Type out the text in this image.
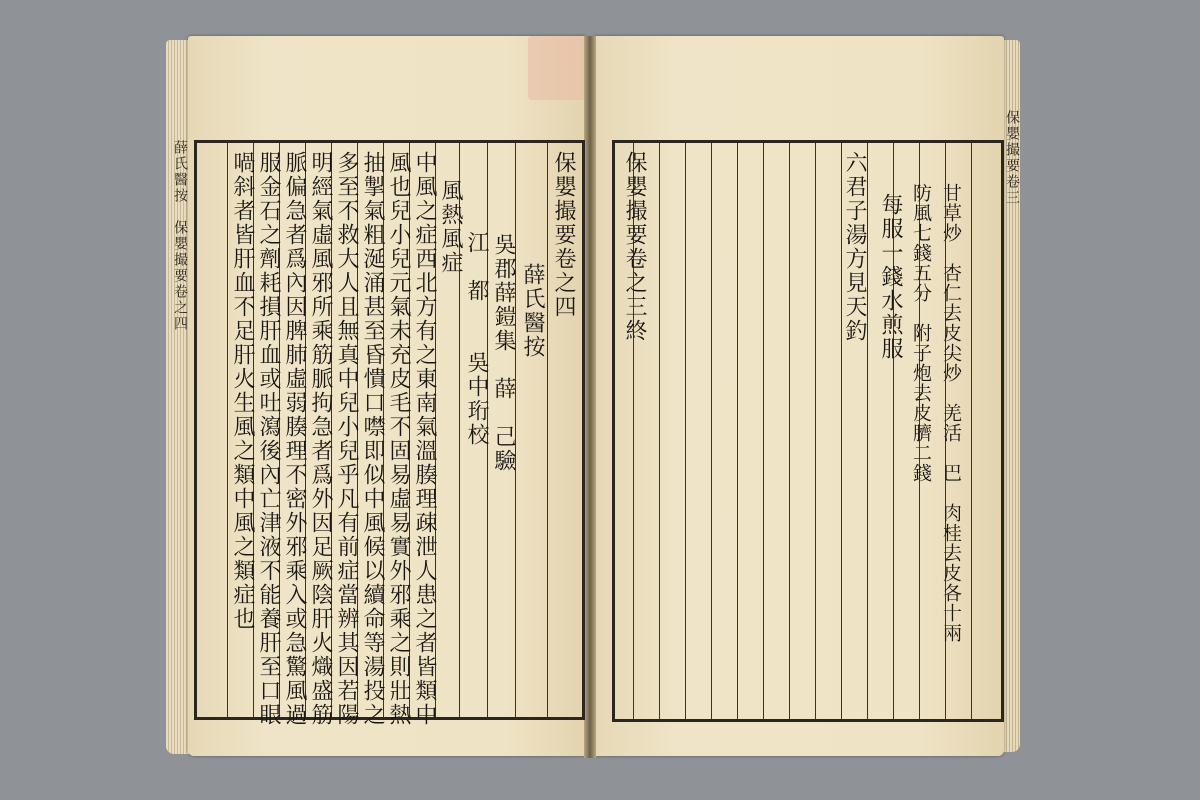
薛氏醫按　保嬰撮要卷之四	保嬰撮要卷三
保嬰撮要卷之四
薛氏醫按
吳郡薛鎧集　薛　己驗
江　都　　吳中珩校
風熱風症
中風之症西北方有之東南氣溫腠理疎泄人患之者皆類中
風也兒小兒元氣未充皮毛不固易虛易實外邪乘之則壯熱
抽掣氣粗涎涌甚至昏憒口噤即似中風候以續命等湯投之
多至不救大人且無真中兒小兒乎凡有前症當辨其因若陽
明經氣虛風邪所乘筋脈拘急者爲外因足厥陰肝火熾盛筋
脈偏急者爲內因脾肺虛弱腠理不密外邪乘入或急驚風過
服金石之劑耗損肝血或吐瀉後內亡津液不能養肝至口眼
喎斜者皆肝血不足肝火生風之類中風之類症也	保嬰撮要卷之三終	六君子湯方見天釣 每服一錢水煎服 防風七錢五分　附子炮去皮臍二錢 甘草炒　杏仁去皮尖炒　羌活　巴　肉桂去皮各十兩
